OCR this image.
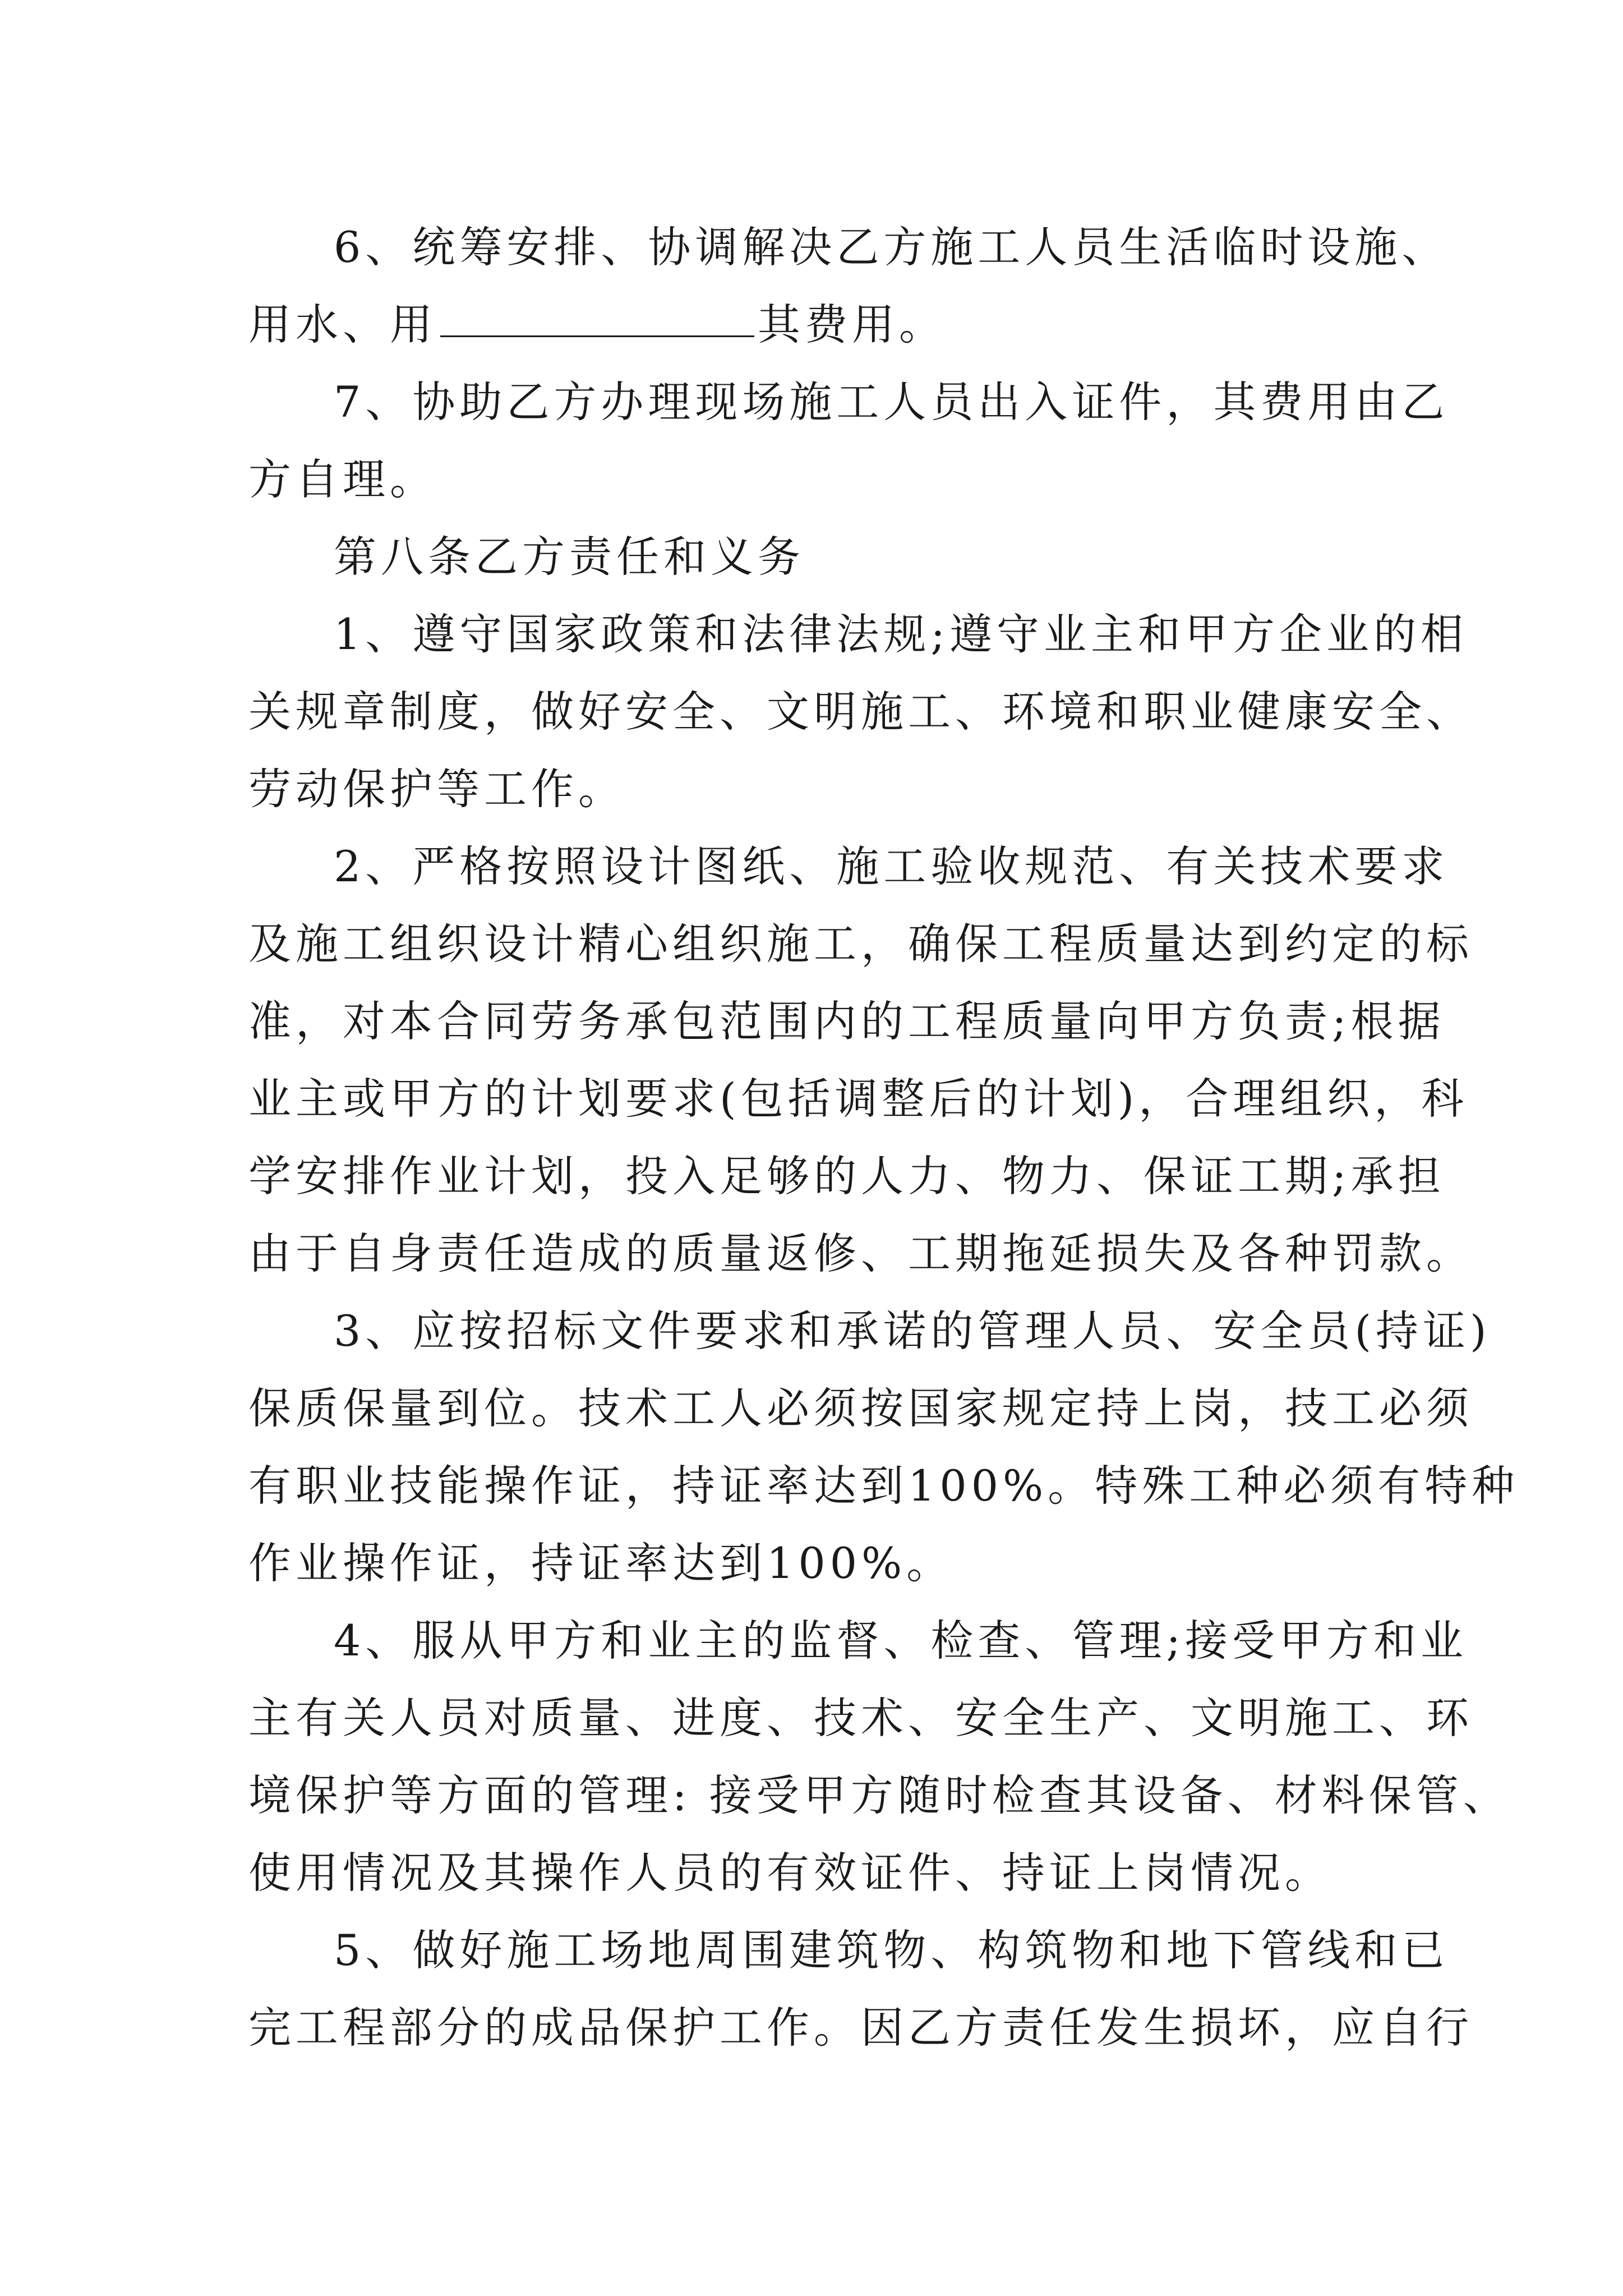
6、统筹安排、协调解决乙方施工人员生活临时设施、
用水、用	其费用。
7、协助乙方办理现场施工人员出入证件，其费用由乙
方自理。
第八条乙方责任和义务
1、遵守国家政策和法律法规;遵守业主和甲方企业的相
关规章制度，做好安全、文明施工、环境和职业健康安全、
劳动保护等工作。
2、严格按照设计图纸、施工验收规范、有关技术要求
及施工组织设计精心组织施工，确保工程质量达到约定的标
准，对本合同劳务承包范围内的工程质量向甲方负责;根据
业主或甲方的计划要求(包括调整后的计划)，合理组织，科
学安排作业计划，投入足够的人力、物力、保证工期;承担
由于自身责任造成的质量返修、工期拖延损失及各种罚款。
3、应按招标文件要求和承诺的管理人员、安全员(持证)
保质保量到位。技术工人必须按国家规定持上岗，技工必须
有职业技能操作证，持证率达到100%。特殊工种必须有特种
作业操作证，持证率达到100%。
4、服从甲方和业主的监督、检查、管理;接受甲方和业
主有关人员对质量、进度、技术、安全生产、文明施工、环
境保护等方面的管理: 接受甲方随时检查其设备、材料保管、
使用情况及其操作人员的有效证件、持证上岗情况。
5、做好施工场地周围建筑物、构筑物和地下管线和已
完工程部分的成品保护工作。因乙方责任发生损坏，应自行
